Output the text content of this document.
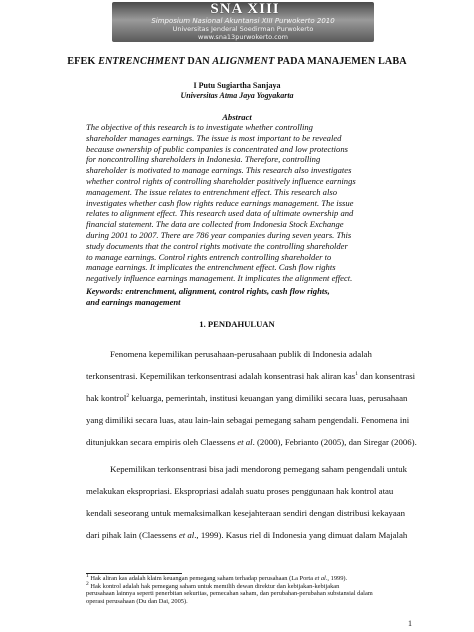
SNA XIII
Simposium Nasional Akuntansi XIII Purwokerto 2010
Universitas Jenderal Soedirman Purwokerto
www.sna13purwokerto.com
EFEK ENTRENCHMENT DAN ALIGNMENT PADA MANAJEMEN LABA
I Putu Sugiartha Sanjaya
Universitas Atma Jaya Yogyakarta
Abstract
The objective of this research is to investigate whether controlling
shareholder manages earnings. The issue is most important to be revealed
because ownership of public companies is concentrated and low protections
for noncontrolling shareholders in Indonesia. Therefore, controlling
shareholder is motivated to manage earnings. This research also investigates
whether control rights of controlling shareholder positively influence earnings
management. The issue relates to entrenchment effect. This research also
investigates whether cash flow rights reduce earnings management. The issue
relates to alignment effect. This research used data of ultimate ownership and
financial statement. The data are collected from Indonesia Stock Exchange
during 2001 to 2007. There are 786 year companies during seven years. This
study documents that the control rights motivate the controlling shareholder
to manage earnings. Control rights entrench controlling shareholder to
manage earnings. It implicates the entrenchment effect. Cash flow rights
negatively influence earnings management. It implicates the alignment effect.
Keywords: entrenchment, alignment, control rights, cash flow rights,
and earnings management
1. PENDAHULUAN
Fenomena kepemilikan perusahaan-perusahaan publik di Indonesia adalah
terkonsentrasi. Kepemilikan terkonsentrasi adalah konsentrasi hak aliran kas$^1$ dan konsentrasi
hak kontrol$^2$ keluarga, pemerintah, institusi keuangan yang dimiliki secara luas, perusahaan
yang dimiliki secara luas, atau lain-lain sebagai pemegang saham pengendali. Fenomena ini
ditunjukkan secara empiris oleh Claessens et al. (2000), Febrianto (2005), dan Siregar (2006).
Kepemilikan terkonsentrasi bisa jadi mendorong pemegang saham pengendali untuk
melakukan ekspropriasi. Ekspropriasi adalah suatu proses penggunaan hak kontrol atau
kendali seseorang untuk memaksimalkan kesejahteraan sendiri dengan distribusi kekayaan
dari pihak lain (Claessens et al., 1999). Kasus riel di Indonesia yang dimuat dalam Majalah
$^1$ Hak aliran kas adalah klaim keuangan pemegang saham terhadap perusahaan (La Porta et al., 1999).
$^2$ Hak kontrol adalah hak pemegang saham untuk memilih dewan direktur dan kebijakan-kebijakan
perusahaan lainnya seperti penerbitan sekuritas, pemecahan saham, dan perubahan-perubahan substansial dalam
operasi perusahaan (Du dan Dai, 2005).
1
